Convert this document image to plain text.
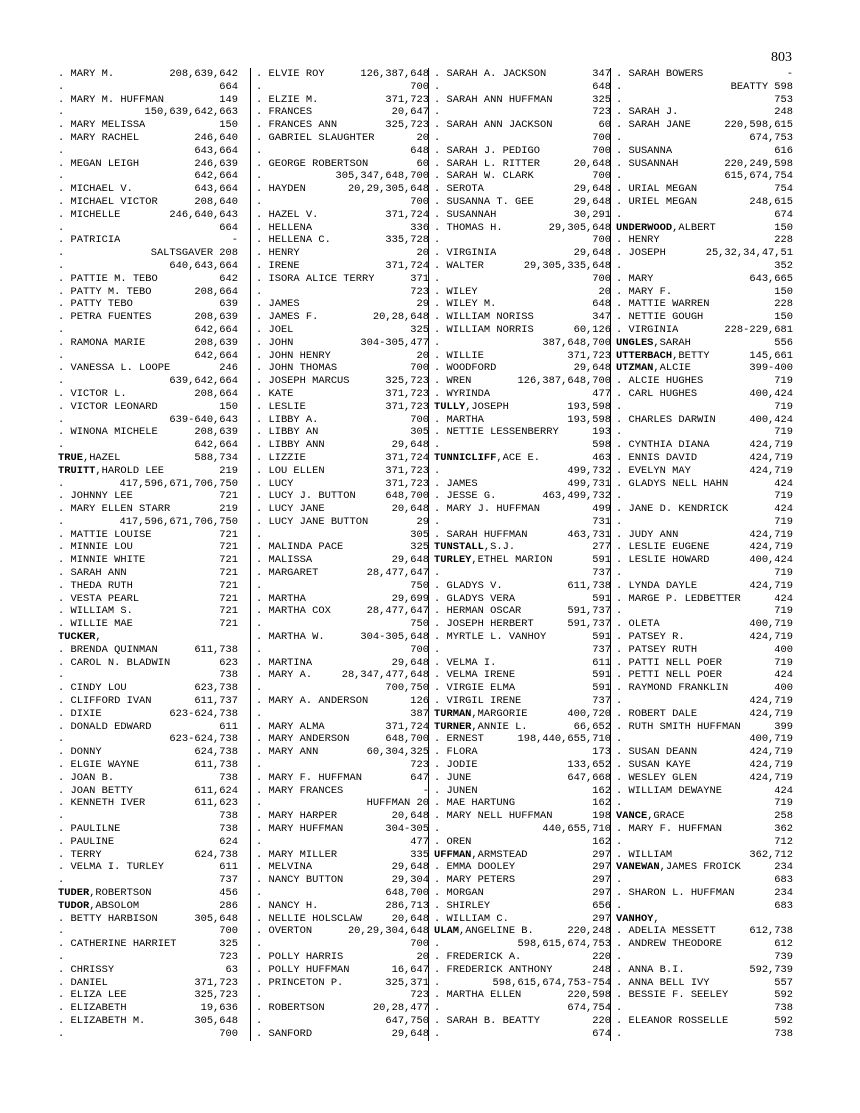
803
. MARY M.	208,639,642
.	664
. MARY M. HUFFMAN	149
.	150,639,642,663
. MARY MELISSA	150
. MARY RACHEL	246,640
.	643,664
. MEGAN LEIGH	246,639
.	642,664
. MICHAEL V.	643,664
. MICHAEL VICTOR	208,640
. MICHELLE	246,640,643
.	664
. PATRICIA	-
.	SALTSGAVER 208
.	640,643,664
. PATTIE M. TEBO	642
. PATTY M. TEBO	208,664
. PATTY TEBO	639
. PETRA FUENTES	208,639
.	642,664
. RAMONA MARIE	208,639
.	642,664
. VANESSA L. LOOPE	246
.	639,642,664
. VICTOR L.	208,664
. VICTOR LEONARD	150
.	639-640,643
. WINONA MICHELE	208,639
.	642,664
TRUE,HAZEL	588,734
TRUITT,HAROLD LEE	219
.	417,596,671,706,750
. JOHNNY LEE	721
. MARY ELLEN STARR	219
.	417,596,671,706,750
. MATTIE LOUISE	721
. MINNIE LOU	721
. MINNIE WHITE	721
. SARAH ANN	721
. THEDA RUTH	721
. VESTA PEARL	721
. WILLIAM S.	721
. WILLIE MAE	721
TUCKER,
. BRENDA QUINMAN	611,738
. CAROL N. BLADWIN	623
.	738
. CINDY LOU	623,738
. CLIFFORD IVAN	611,737
. DIXIE	623-624,738
. DONALD EDWARD	611
.	623-624,738
. DONNY	624,738
. ELGIE WAYNE	611,738
. JOAN B.	738
. JOAN BETTY	611,624
. KENNETH IVER	611,623
.	738
. PAULILNE	738
. PAULINE	624
. TERRY	624,738
. VELMA I. TURLEY	611
.	737
TUDER,ROBERTSON	456
TUDOR,ABSOLOM	286
. BETTY HARBISON	305,648
.	700
. CATHERINE HARRIET	325
.	723
. CHRISSY	63
. DANIEL	371,723
. ELIZA LEE	325,723
. ELIZABETH	19,636
. ELIZABETH M.	305,648
.	700
. ELVIE ROY	126,387,648
.	700
. ELZIE M.	371,723
. FRANCES	20,647
. FRANCES ANN	325,723
. GABRIEL SLAUGHTER	20
.	648
. GEORGE ROBERTSON	60
.	305,347,648,700
. HAYDEN	20,29,305,648
.	700
. HAZEL V.	371,724
. HELLENA	336
. HELLENA C.	335,728
. HENRY	20
. IRENE	371,724
. ISORA ALICE TERRY	371
.	723
. JAMES	29
. JAMES F.	20,28,648
. JOEL	325
. JOHN	304-305,477
. JOHN HENRY	20
. JOHN THOMAS	700
. JOSEPH MARCUS	325,723
. KATE	371,723
. LESLIE	371,723
. LIBBY A.	700
. LIBBY AN	305
. LIBBY ANN	29,648
. LIZZIE	371,724
. LOU ELLEN	371,723
. LUCY	371,723
. LUCY J. BUTTON	648,700
. LUCY JANE	20,648
. LUCY JANE BUTTON	29
.	305
. MALINDA PACE	325
. MALISSA	29,648
. MARGARET	28,477,647
.	750
. MARTHA	29,699
. MARTHA COX	28,477,647
.	750
. MARTHA W.	304-305,648
.	700
. MARTINA	29,648
. MARY A.	28,347,477,648
.	700,750
. MARY A. ANDERSON	126
.	387
. MARY ALMA	371,724
. MARY ANDERSON	648,700
. MARY ANN	60,304,325
.	723
. MARY F. HUFFMAN	647
. MARY FRANCES	-
.	HUFFMAN 20
. MARY HARPER	20,648
. MARY HUFFMAN	304-305
.	477
. MARY MILLER	335
. MELVINA	29,648
. NANCY BUTTON	29,304
.	648,700
. NANCY H.	286,713
. NELLIE HOLSCLAW	20,648
. OVERTON	20,29,304,648
.	700
. POLLY HARRIS	20
. POLLY HUFFMAN	16,647
. PRINCETON P.	325,371
.	723
. ROBERTSON	20,28,477
.	647,750
. SANFORD	29,648
. SARAH A. JACKSON	347
.	648
. SARAH ANN HUFFMAN	325
.	723
. SARAH ANN JACKSON	60
.	700
. SARAH J. PEDIGO	700
. SARAH L. RITTER	20,648
. SARAH W. CLARK	700
. SEROTA	29,648
. SUSANNA T. GEE	29,648
. SUSANNAH	30,291
. THOMAS H.	29,305,648
.	700
. VIRGINIA	29,648
. WALTER	29,305,335,648
.	700
. WILEY	20
. WILEY M.	648
. WILLIAM NORISS	347
. WILLIAM NORRIS	60,126
.	387,648,700
. WILLIE	371,723
. WOODFORD	29,648
. WREN	126,387,648,700
. WYRINDA	477
TULLY,JOSEPH	193,598
. MARTHA	193,598
. NETTIE LESSENBERRY	193
.	598
TUNNICLIFF,ACE E.	463
.	499,732
. JAMES	499,731
. JESSE G.	463,499,732
. MARY J. HUFFMAN	499
.	731
. SARAH HUFFMAN	463,731
TUNSTALL,S.J.	277
TURLEY,ETHEL MARION	591
.	737
. GLADYS V.	611,738
. GLADYS VERA	591
. HERMAN OSCAR	591,737
. JOSEPH HERBERT	591,737
. MYRTLE L. VANHOY	591
.	737
. VELMA I.	611
. VELMA IRENE	591
. VIRGIE ELMA	591
. VIRGIL IRENE	737
TURMAN,MARGORIE	400,720
TURNER,ANNIE L.	66,652
. ERNEST	198,440,655,710
. FLORA	173
. JODIE	133,652
. JUNE	647,668
. JUNEN	162
. MAE HARTUNG	162
. MARY NELL HUFFMAN	198
.	440,655,710
. OREN	162
UFFMAN,ARMSTEAD	297
. EMMA DOOLEY	297
. MARY PETERS	297
. MORGAN	297
. SHIRLEY	656
. WILLIAM C.	297
ULAM,ANGELINE B.	220,248
.	598,615,674,753
. FREDERICK A.	220
. FREDERICK ANTHONY	248
.	598,615,674,753-754
. MARTHA ELLEN	220,598
.	674,754
. SARAH B. BEATTY	220
.	674
. SARAH BOWERS	-
.	BEATTY 598
.	753
. SARAH J.	248
. SARAH JANE	220,598,615
.	674,753
. SUSANNA	616
. SUSANNAH	220,249,598
.	615,674,754
. URIAL MEGAN	754
. URIEL MEGAN	248,615
.	674
UNDERWOOD,ALBERT	150
. HENRY	228
. JOSEPH	25,32,34,47,51
.	352
. MARY	643,665
. MARY F.	150
. MATTIE WARREN	228
. NETTIE GOUGH	150
. VIRGINIA	228-229,681
UNGLES,SARAH	556
UTTERBACH,BETTY	145,661
UTZMAN,ALCIE	399-400
. ALCIE HUGHES	719
. CARL HUGHES	400,424
.	719
. CHARLES DARWIN	400,424
.	719
. CYNTHIA DIANA	424,719
. ENNIS DAVID	424,719
. EVELYN MAY	424,719
. GLADYS NELL HAHN	424
.	719
. JANE D. KENDRICK	424
.	719
. JUDY ANN	424,719
. LESLIE EUGENE	424,719
. LESLIE HOWARD	400,424
.	719
. LYNDA DAYLE	424,719
. MARGE P. LEDBETTER	424
.	719
. OLETA	400,719
. PATSEY R.	424,719
. PATSEY RUTH	400
. PATTI NELL POER	719
. PETTI NELL POER	424
. RAYMOND FRANKLIN	400
.	424,719
. ROBERT DALE	424,719
. RUTH SMITH HUFFMAN	399
.	400,719
. SUSAN DEANN	424,719
. SUSAN KAYE	424,719
. WESLEY GLEN	424,719
. WILLIAM DEWAYNE	424
.	719
VANCE,GRACE	258
. MARY F. HUFFMAN	362
.	712
. WILLIAM	362,712
VANEWAN,JAMES FROICK	234
.	683
. SHARON L. HUFFMAN	234
.	683
VANHOY,
. ADELIA MESSETT	612,738
. ANDREW THEODORE	612
.	739
. ANNA B.I.	592,739
. ANNA BELL IVY	557
. BESSIE F. SEELEY	592
.	738
. ELEANOR ROSSELLE	592
.	738
